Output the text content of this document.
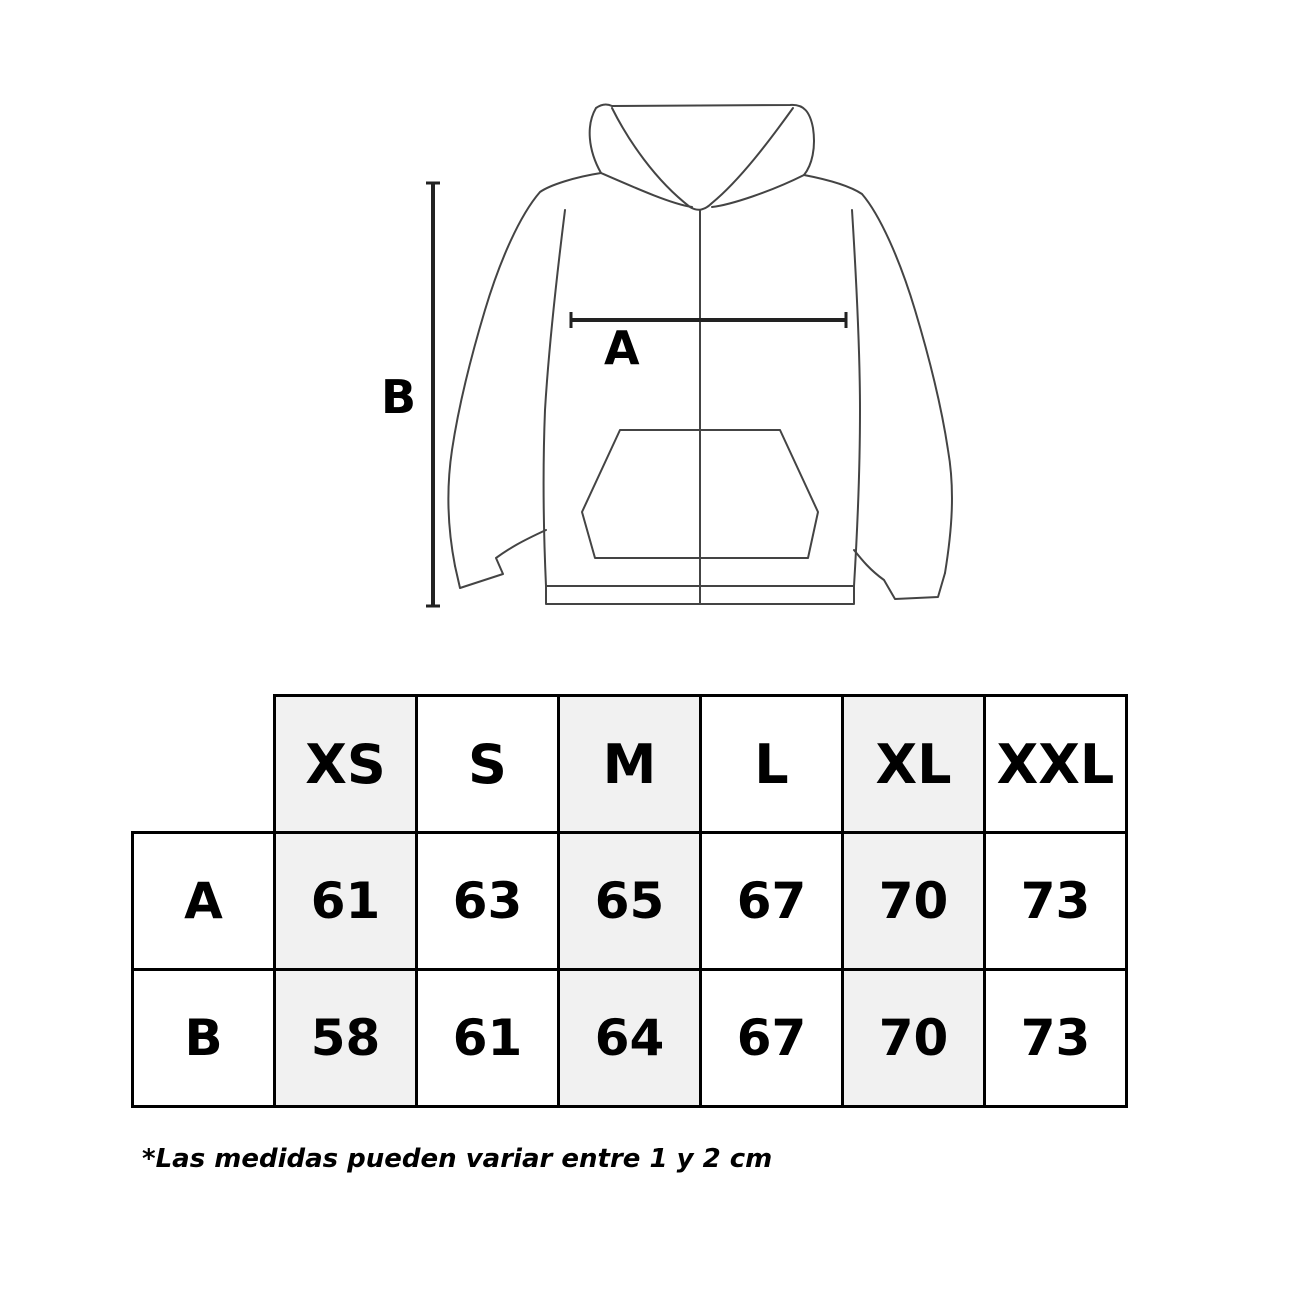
A
B
	XS	S	M	L	XL	XXL
A	61	63	65	67	70	73
B	58	61	64	67	70	73
*Las medidas pueden variar entre 1 y 2 cm
